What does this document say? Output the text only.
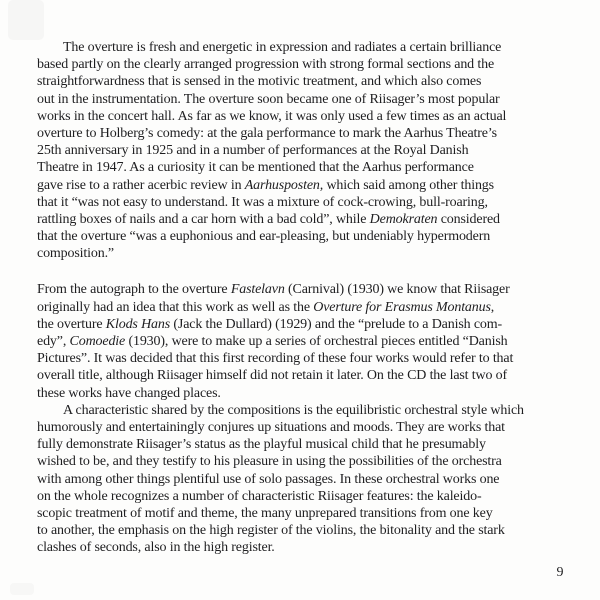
The overture is fresh and energetic in expression and radiates a certain brilliance
based partly on the clearly arranged progression with strong formal sections and the
straightforwardness that is sensed in the motivic treatment, and which also comes
out in the instrumentation. The overture soon became one of Riisager’s most popular
works in the concert hall. As far as we know, it was only used a few times as an actual
overture to Holberg’s comedy: at the gala performance to mark the Aarhus Theatre’s
25th anniversary in 1925 and in a number of performances at the Royal Danish
Theatre in 1947. As a curiosity it can be mentioned that the Aarhus performance
gave rise to a rather acerbic review in Aarhusposten, which said among other things
that it “was not easy to understand. It was a mixture of cock-crowing, bull-roaring,
rattling boxes of nails and a car horn with a bad cold”, while Demokraten considered
that the overture “was a euphonious and ear-pleasing, but undeniably hypermodern
composition.”
From the autograph to the overture Fastelavn (Carnival) (1930) we know that Riisager
originally had an idea that this work as well as the Overture for Erasmus Montanus,
the overture Klods Hans (Jack the Dullard) (1929) and the “prelude to a Danish com-
edy”, Comoedie (1930), were to make up a series of orchestral pieces entitled “Danish
Pictures”. It was decided that this first recording of these four works would refer to that
overall title, although Riisager himself did not retain it later. On the CD the last two of
these works have changed places.
A characteristic shared by the compositions is the equilibristic orchestral style which
humorously and entertainingly conjures up situations and moods. They are works that
fully demonstrate Riisager’s status as the playful musical child that he presumably
wished to be, and they testify to his pleasure in using the possibilities of the orchestra
with among other things plentiful use of solo passages. In these orchestral works one
on the whole recognizes a number of characteristic Riisager features: the kaleido-
scopic treatment of motif and theme, the many unprepared transitions from one key
to another, the emphasis on the high register of the violins, the bitonality and the stark
clashes of seconds, also in the high register.
9
